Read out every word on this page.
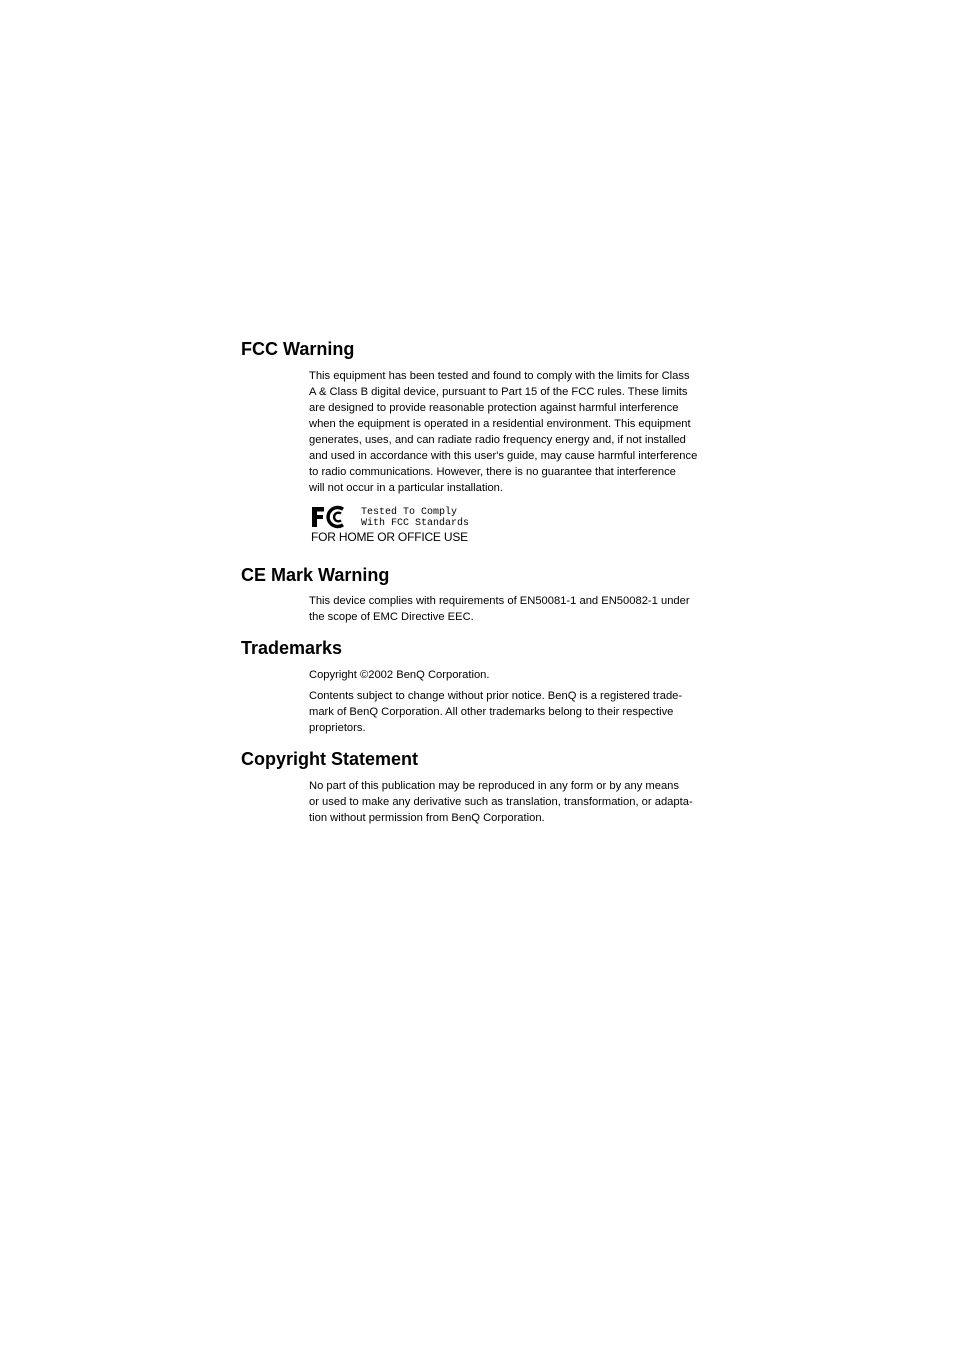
FCC Warning

This equipment has been tested and found to comply with the limits for Class
A & Class B digital device, pursuant to Part 15 of the FCC rules. These limits
are designed to provide reasonable protection against harmful interference
when the equipment is operated in a residential environment. This equipment
generates, uses, and can radiate radio frequency energy and, if not installed
and used in accordance with this user's guide, may cause harmful interference
to radio communications. However, there is no guarantee that interference
will not occur in a particular installation.

Tested To Comply
With FCC Standards
FOR HOME OR OFFICE USE
CE Mark Warning

This device complies with requirements of EN50081-1 and EN50082-1 under
the scope of EMC Directive EEC.

Trademarks

Copyright ©2002 BenQ Corporation.

Contents subject to change without prior notice. BenQ is a registered trade-
mark of BenQ Corporation. All other trademarks belong to their respective
proprietors.

Copyright Statement

No part of this publication may be reproduced in any form or by any means
or used to make any derivative such as translation, transformation, or adapta-
tion without permission from BenQ Corporation.
